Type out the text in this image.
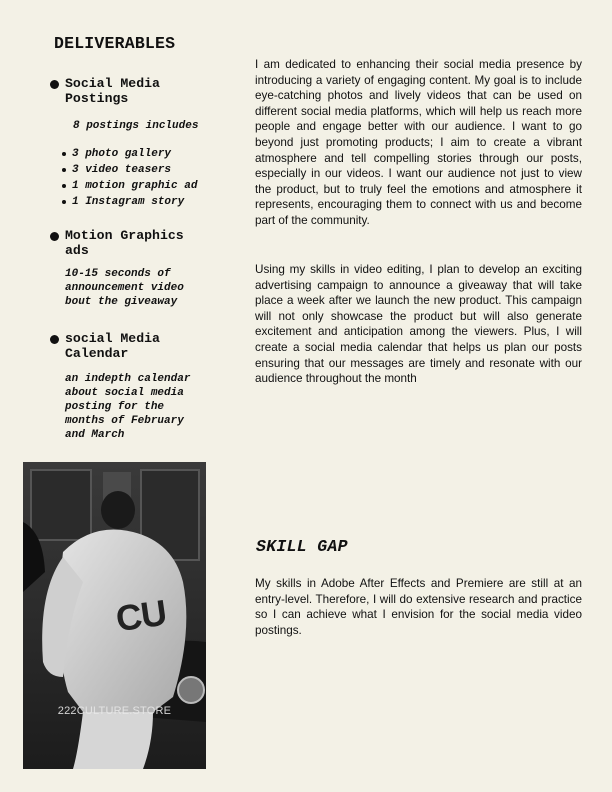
DELIVERABLES
Social Media Postings
8 postings includes
3 photo gallery
3 video teasers
1 motion graphic ad
1 Instagram story
Motion Graphics ads
10-15 seconds of announcement video bout the giveaway
social Media Calendar
an indepth calendar about social media posting for the months of February and March

I am dedicated to enhancing their social media presence by introducing a variety of engaging content. My goal is to include eye-catching photos and lively videos that can be used on different social media platforms, which will help us reach more people and engage better with our audience. I want to go beyond just promoting products; I aim to create a vibrant atmosphere and tell compelling stories through our posts, especially in our videos. I want our audience not just to view the product, but to truly feel the emotions and atmosphere it represents, encouraging them to connect with us and become part of the community.

Using my skills in video editing, I plan to develop an exciting advertising campaign to announce a giveaway that will take place a week after we launch the new product. This campaign will not only showcase the product but will also generate excitement and anticipation among the viewers. Plus, I will create a social media calendar that helps us plan our posts ensuring that our messages are timely and resonate with our audience throughout the month

SKILL GAP

My skills in Adobe After Effects and Premiere are still at an entry-level. Therefore, I will do extensive research and practice so I can achieve what I envision for the social media video postings.

CU
222CULTURE.STORE
